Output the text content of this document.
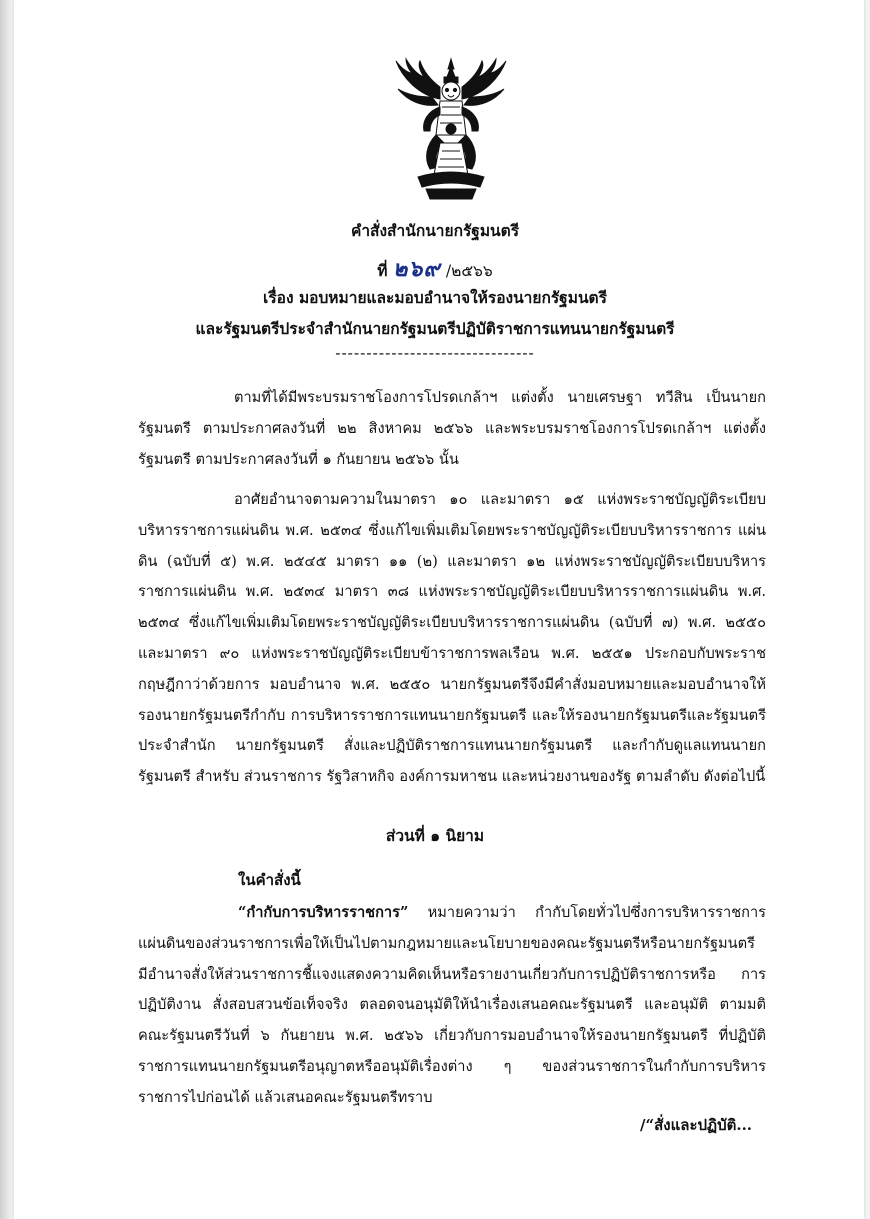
คำสั่งสำนักนายกรัฐมนตรี
ที่ ๒๖๙ /๒๕๖๖
เรื่อง มอบหมายและมอบอำนาจให้รองนายกรัฐมนตรี
และรัฐมนตรีประจำสำนักนายกรัฐมนตรีปฏิบัติราชการแทนนายกรัฐมนตรี
--------------------------------
ตามที่ได้มีพระบรมราชโองการโปรดเกล้าฯ แต่งตั้ง นายเศรษฐา ทวีสิน เป็นนายกรัฐมนตรี ตามประกาศลงวันที่ ๒๒ สิงหาคม ๒๕๖๖ และพระบรมราชโองการโปรดเกล้าฯ แต่งตั้งรัฐมนตรี ตามประกาศลงวันที่ ๑ กันยายน ๒๕๖๖ นั้น
อาศัยอำนาจตามความในมาตรา ๑๐ และมาตรา ๑๕ แห่งพระราชบัญญัติระเบียบ บริหารราชการแผ่นดิน พ.ศ. ๒๕๓๔ ซึ่งแก้ไขเพิ่มเติมโดยพระราชบัญญัติระเบียบบริหารราชการ แผ่นดิน (ฉบับที่ ๕) พ.ศ. ๒๕๔๕ มาตรา ๑๑ (๒) และมาตรา ๑๒ แห่งพระราชบัญญัติระเบียบบริหาร ราชการแผ่นดิน พ.ศ. ๒๕๓๔ มาตรา ๓๘ แห่งพระราชบัญญัติระเบียบบริหารราชการแผ่นดิน พ.ศ. ๒๕๓๔ ซึ่งแก้ไขเพิ่มเติมโดยพระราชบัญญัติระเบียบบริหารราชการแผ่นดิน (ฉบับที่ ๗) พ.ศ. ๒๕๕๐ และมาตรา ๙๐ แห่งพระราชบัญญัติระเบียบข้าราชการพลเรือน พ.ศ. ๒๕๕๑ ประกอบกับพระราชกฤษฎีกาว่าด้วยการ มอบอำนาจ พ.ศ. ๒๕๕๐ นายกรัฐมนตรีจึงมีคำสั่งมอบหมายและมอบอำนาจให้รองนายกรัฐมนตรีกำกับ การบริหารราชการแทนนายกรัฐมนตรี และให้รองนายกรัฐมนตรีและรัฐมนตรีประจำสำนัก นายกรัฐมนตรี สั่งและปฏิบัติราชการแทนนายกรัฐมนตรี และกำกับดูแลแทนนายกรัฐมนตรี สำหรับ ส่วนราชการ รัฐวิสาหกิจ องค์การมหาชน และหน่วยงานของรัฐ ตามลำดับ ดังต่อไปนี้
ส่วนที่ ๑ นิยาม
ในคำสั่งนี้
“กำกับการบริหารราชการ” หมายความว่า กำกับโดยทั่วไปซึ่งการบริหารราชการ แผ่นดินของส่วนราชการเพื่อให้เป็นไปตามกฎหมายและนโยบายของคณะรัฐมนตรีหรือนายกรัฐมนตรี มีอำนาจสั่งให้ส่วนราชการชี้แจงแสดงความคิดเห็นหรือรายงานเกี่ยวกับการปฏิบัติราชการหรือ การปฏิบัติงาน สั่งสอบสวนข้อเท็จจริง ตลอดจนอนุมัติให้นำเรื่องเสนอคณะรัฐมนตรี และอนุมัติ ตามมติคณะรัฐมนตรีวันที่ ๖ กันยายน พ.ศ. ๒๕๖๖ เกี่ยวกับการมอบอำนาจให้รองนายกรัฐมนตรี ที่ปฏิบัติราชการแทนนายกรัฐมนตรีอนุญาตหรืออนุมัติเรื่องต่าง ๆ ของส่วนราชการในกำกับการบริหาร ราชการไปก่อนได้ แล้วเสนอคณะรัฐมนตรีทราบ
/“สั่งและปฏิบัติ...
